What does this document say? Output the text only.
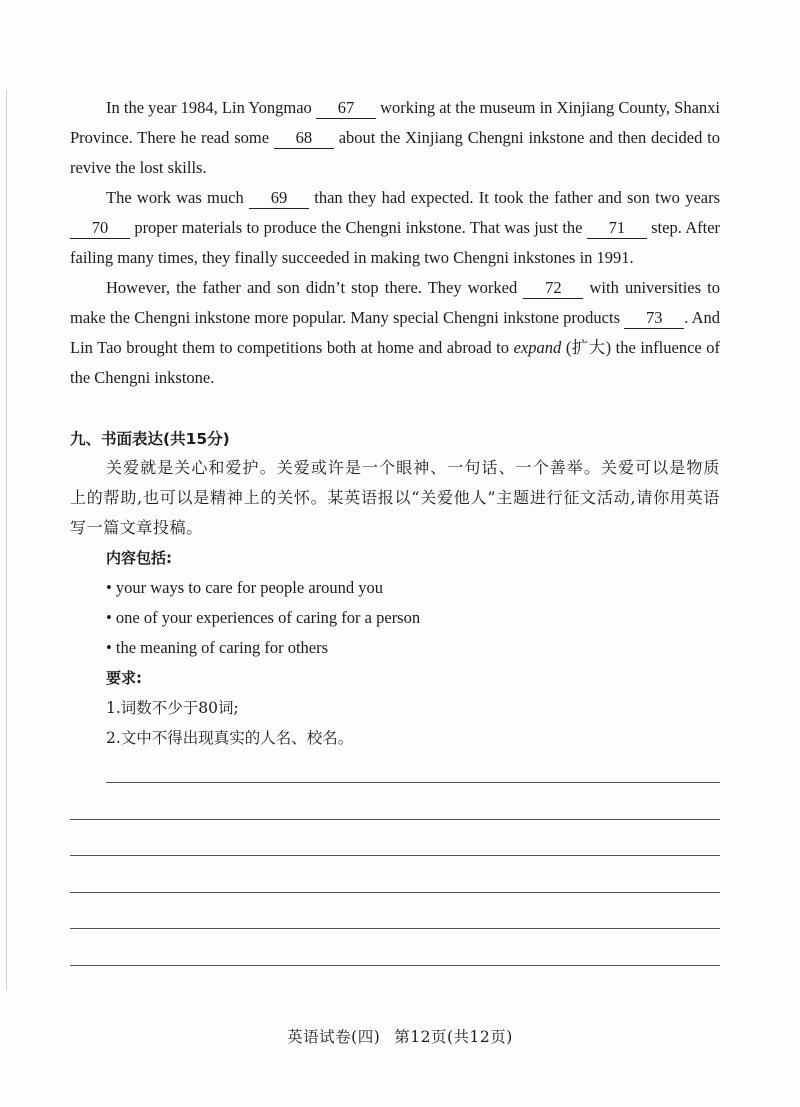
In the year 1984, Lin Yongmao 67 working at the museum in Xinjiang County, Shanxi Province. There he read some 68 about the Xinjiang Chengni inkstone and then decided to revive the lost skills.

The work was much 69 than they had expected. It took the father and son two years 70 proper materials to produce the Chengni inkstone. That was just the 71 step. After failing many times, they finally succeeded in making two Chengni inkstones in 1991.

However, the father and son didn’t stop there. They worked 72 with universities to make the Chengni inkstone more popular. Many special Chengni inkstone products 73 . And Lin Tao brought them to competitions both at home and abroad to expand (扩大) the influence of the Chengni inkstone.

九、书面表达(共15分)

关爱就是关心和爱护。关爱或许是一个眼神、一句话、一个善举。关爱可以是物质上的帮助,也可以是精神上的关怀。某英语报以“关爱他人”主题进行征文活动,请你用英语写一篇文章投稿。

内容包括:

• your ways to care for people around you
• one of your experiences of caring for a person
• the meaning of caring for others

要求:

1.词数不少于80词;
2.文中不得出现真实的人名、校名。
英语试卷(四) 第12页(共12页)
